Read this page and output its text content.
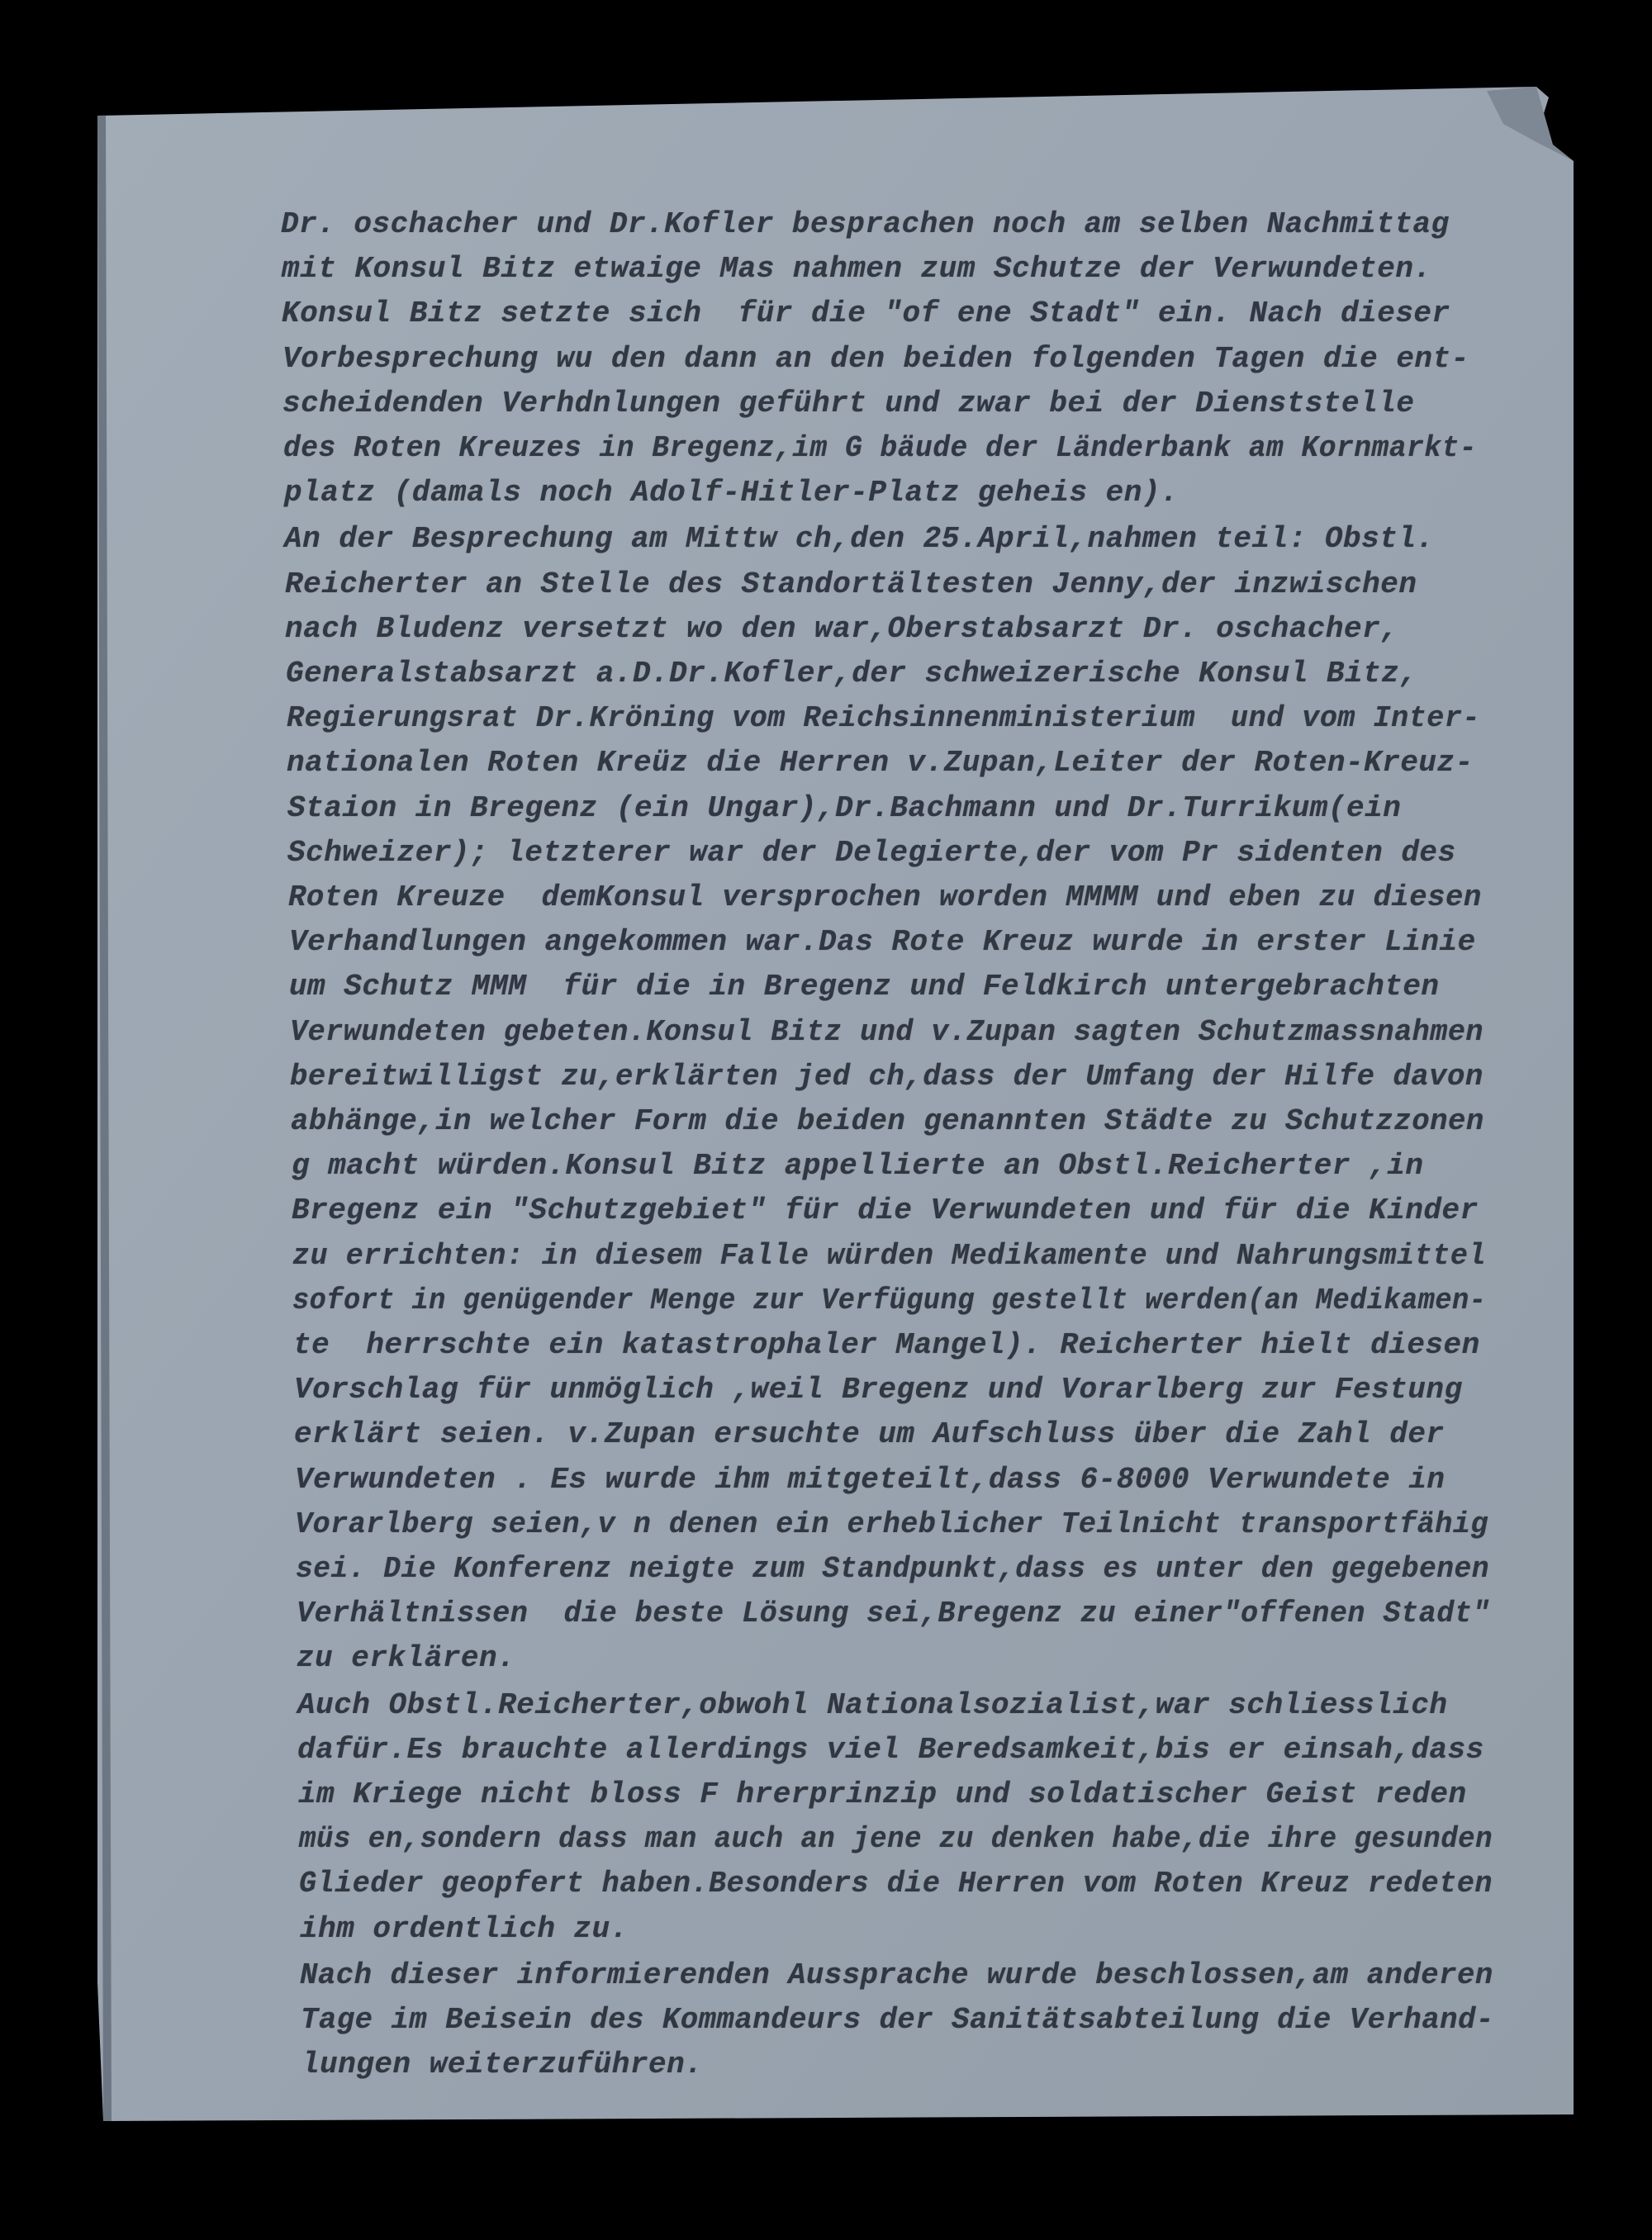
Dr. oschacher und Dr.Kofler besprachen noch am selben Nachmittag

mit Konsul Bitz etwaige Mas nahmen zum Schutze der Verwundeten.

Konsul Bitz setzte sich  für die "of ene Stadt" ein. Nach dieser

Vorbesprechung wu den dann an den beiden folgenden Tagen die ent-

scheidenden Verhdnlungen geführt und zwar bei der Dienststelle

des Roten Kreuzes in Bregenz,im G bäude der Länderbank am Kornmarkt-

platz (damals noch Adolf-Hitler-Platz geheis en).

An der Besprechung am Mittw ch,den 25.April,nahmen teil: Obstl.

Reicherter an Stelle des Standortältesten Jenny,der inzwischen

nach Bludenz versetzt wo den war,Oberstabsarzt Dr. oschacher,

Generalstabsarzt a.D.Dr.Kofler,der schweizerische Konsul Bitz,

Regierungsrat Dr.Kröning vom Reichsinnenministerium  und vom Inter-

nationalen Roten Kreüz die Herren v.Zupan,Leiter der Roten-Kreuz-

Staion in Bregenz (ein Ungar),Dr.Bachmann und Dr.Turrikum(ein

Schweizer); letzterer war der Delegierte,der vom Pr sidenten des

Roten Kreuze  demKonsul versprochen worden MMMM und eben zu diesen

Verhandlungen angekommen war.Das Rote Kreuz wurde in erster Linie

um Schutz MMM  für die in Bregenz und Feldkirch untergebrachten

Verwundeten gebeten.Konsul Bitz und v.Zupan sagten Schutzmassnahmen

bereitwilligst zu,erklärten jed ch,dass der Umfang der Hilfe davon

abhänge,in welcher Form die beiden genannten Städte zu Schutzzonen

g macht würden.Konsul Bitz appellierte an Obstl.Reicherter ,in

Bregenz ein "Schutzgebiet" für die Verwundeten und für die Kinder

zu errichten: in diesem Falle würden Medikamente und Nahrungsmittel

sofort in genügender Menge zur Verfügung gestellt werden(an Medikamen-

te  herrschte ein katastrophaler Mangel). Reicherter hielt diesen

Vorschlag für unmöglich ,weil Bregenz und Vorarlberg zur Festung

erklärt seien. v.Zupan ersuchte um Aufschluss über die Zahl der

Verwundeten . Es wurde ihm mitgeteilt,dass 6-8000 Verwundete in

Vorarlberg seien,v n denen ein erheblicher Teilnicht transportfähig

sei. Die Konferenz neigte zum Standpunkt,dass es unter den gegebenen

Verhältnissen  die beste Lösung sei,Bregenz zu einer"offenen Stadt"

zu erklären.

Auch Obstl.Reicherter,obwohl Nationalsozialist,war schliesslich

dafür.Es brauchte allerdings viel Beredsamkeit,bis er einsah,dass

im Kriege nicht bloss F hrerprinzip und soldatischer Geist reden

müs en,sondern dass man auch an jene zu denken habe,die ihre gesunden

Glieder geopfert haben.Besonders die Herren vom Roten Kreuz redeten

ihm ordentlich zu.

Nach dieser informierenden Aussprache wurde beschlossen,am anderen

Tage im Beisein des Kommandeurs der Sanitätsabteilung die Verhand-

lungen weiterzuführen.
